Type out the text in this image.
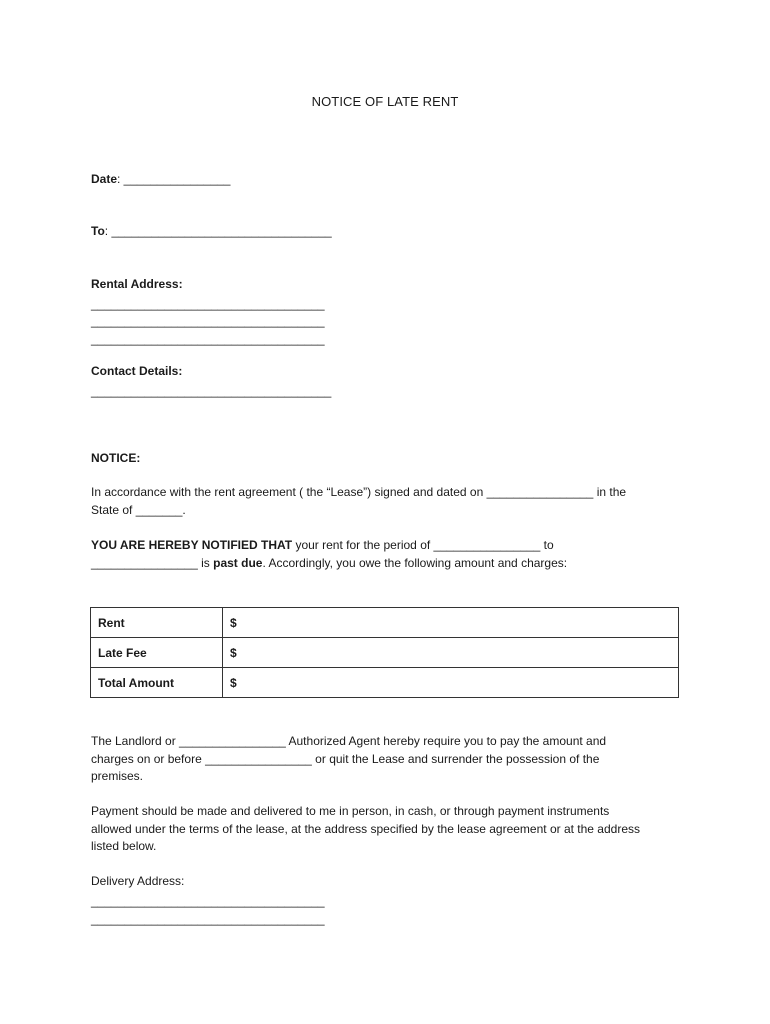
NOTICE OF LATE RENT
Date: ________________
To: _________________________________
Rental Address:
___________________________________
___________________________________
___________________________________
Contact Details:
____________________________________
NOTICE:

In accordance with the rent agreement ( the “Lease”) signed and dated on ________________ in the

State of _______.

YOU ARE HEREBY NOTIFIED THAT your rent for the period of ________________ to

________________ is past due. Accordingly, you owe the following amount and charges:

Rent	$
Late Fee	$
Total Amount	$

The Landlord or ________________ Authorized Agent hereby require you to pay the amount and

charges on or before ________________ or quit the Lease and surrender the possession of the

premises.

Payment should be made and delivered to me in person, in cash, or through payment instruments

allowed under the terms of the lease, at the address specified by the lease agreement or at the address

listed below.

Delivery Address:
___________________________________
___________________________________
